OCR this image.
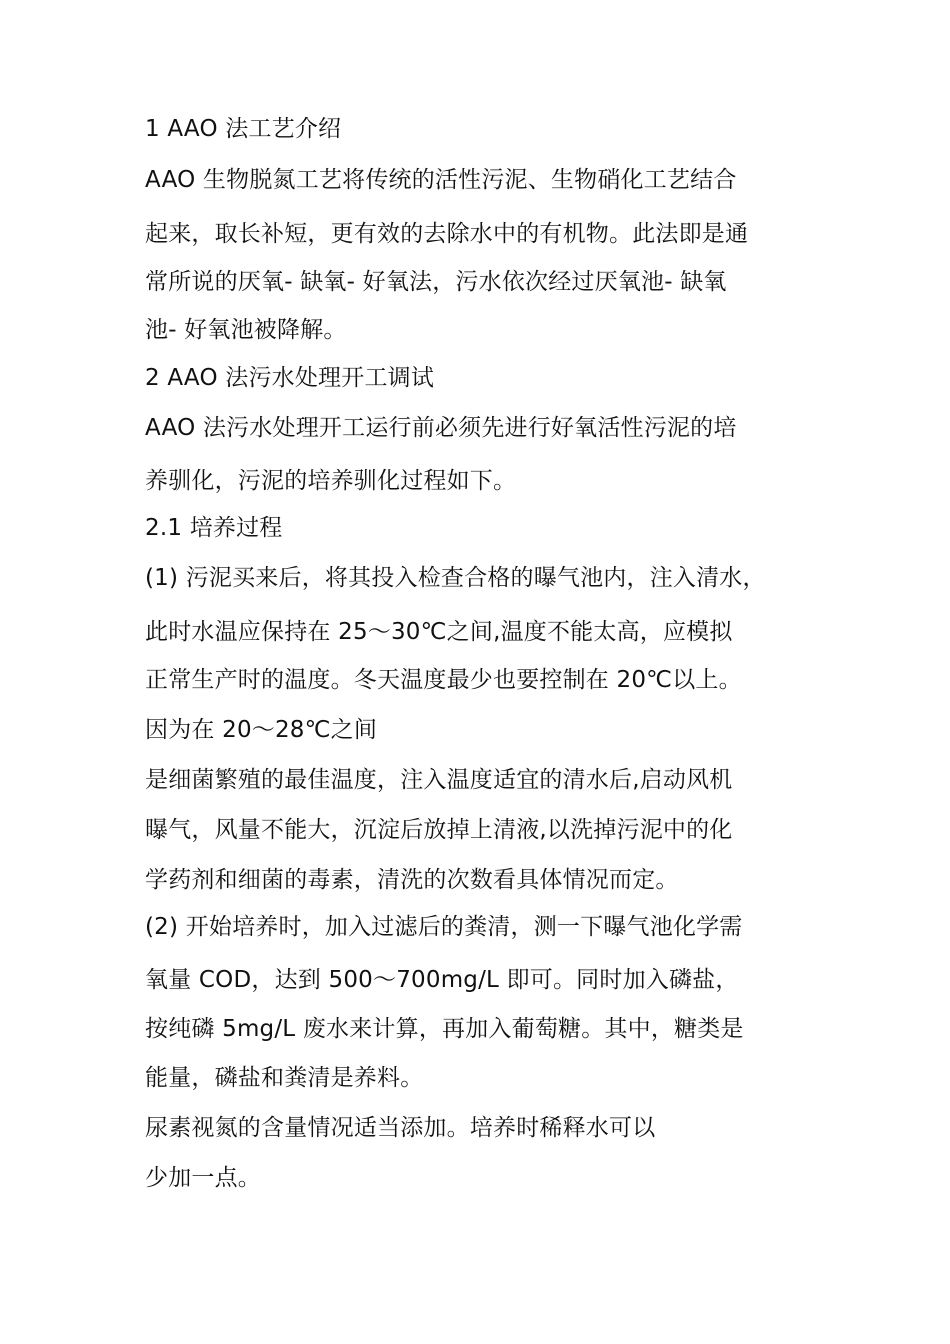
1 AAO 法工艺介绍
AAO 生物脱氮工艺将传统的活性污泥、生物硝化工艺结合
起来，取长补短，更有效的去除水中的有机物。此法即是通
常所说的厌氧- 缺氧- 好氧法，污水依次经过厌氧池- 缺氧
池- 好氧池被降解。
2 AAO 法污水处理开工调试
AAO 法污水处理开工运行前必须先进行好氧活性污泥的培
养驯化，污泥的培养驯化过程如下。
2.1 培养过程
(1) 污泥买来后，将其投入检查合格的曝气池内，注入清水，
此时水温应保持在 25～30℃之间,温度不能太高，应模拟
正常生产时的温度。冬天温度最少也要控制在 20℃以上。
因为在 20～28℃之间
是细菌繁殖的最佳温度，注入温度适宜的清水后,启动风机
曝气，风量不能大，沉淀后放掉上清液,以洗掉污泥中的化
学药剂和细菌的毒素，清洗的次数看具体情况而定。
(2) 开始培养时，加入过滤后的粪清，测一下曝气池化学需
氧量 COD，达到 500～700mg/L 即可。同时加入磷盐，
按纯磷 5mg/L 废水来计算，再加入葡萄糖。其中，糖类是
能量，磷盐和粪清是养料。
尿素视氮的含量情况适当添加。培养时稀释水可以
少加一点。
